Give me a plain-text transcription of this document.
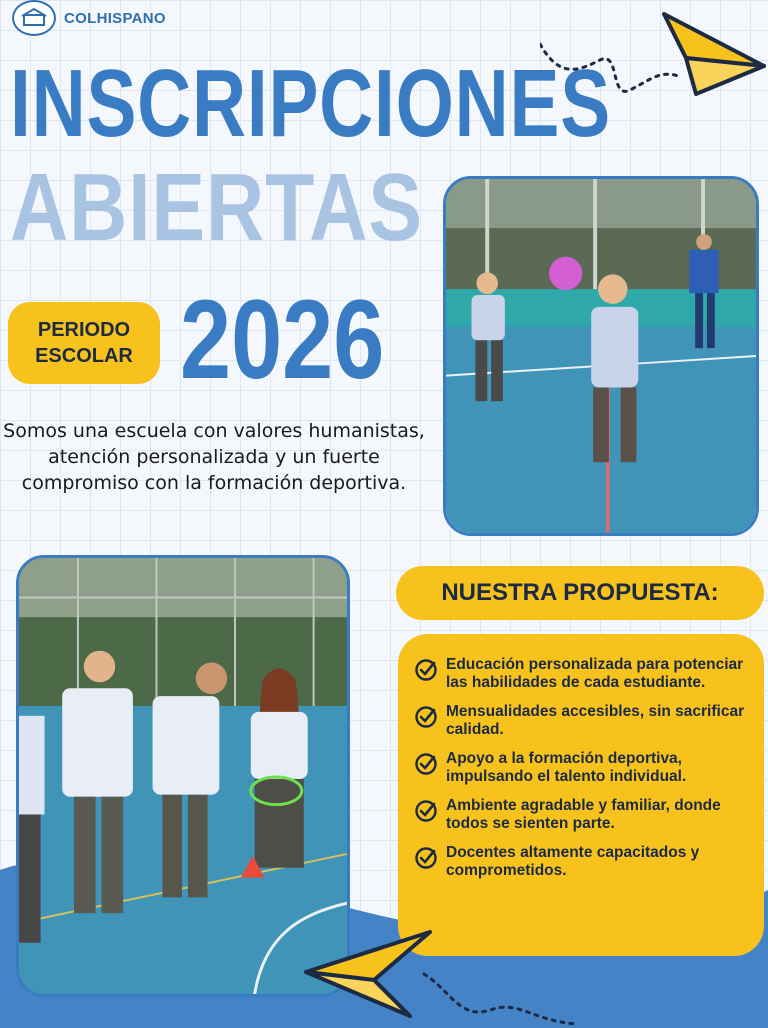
COLHISPANO
INSCRIPCIONES
ABIERTAS
PERIODO
ESCOLAR 2026
Somos una escuela con valores humanistas, atención personalizada y un fuerte compromiso con la formación deportiva.
NUESTRA PROPUESTA:
Educación personalizada para potenciar las habilidades de cada estudiante.
Mensualidades accesibles, sin sacrificar calidad.
Apoyo a la formación deportiva, impulsando el talento individual.
Ambiente agradable y familiar, donde todos se sienten parte.
Docentes altamente capacitados y comprometidos.
